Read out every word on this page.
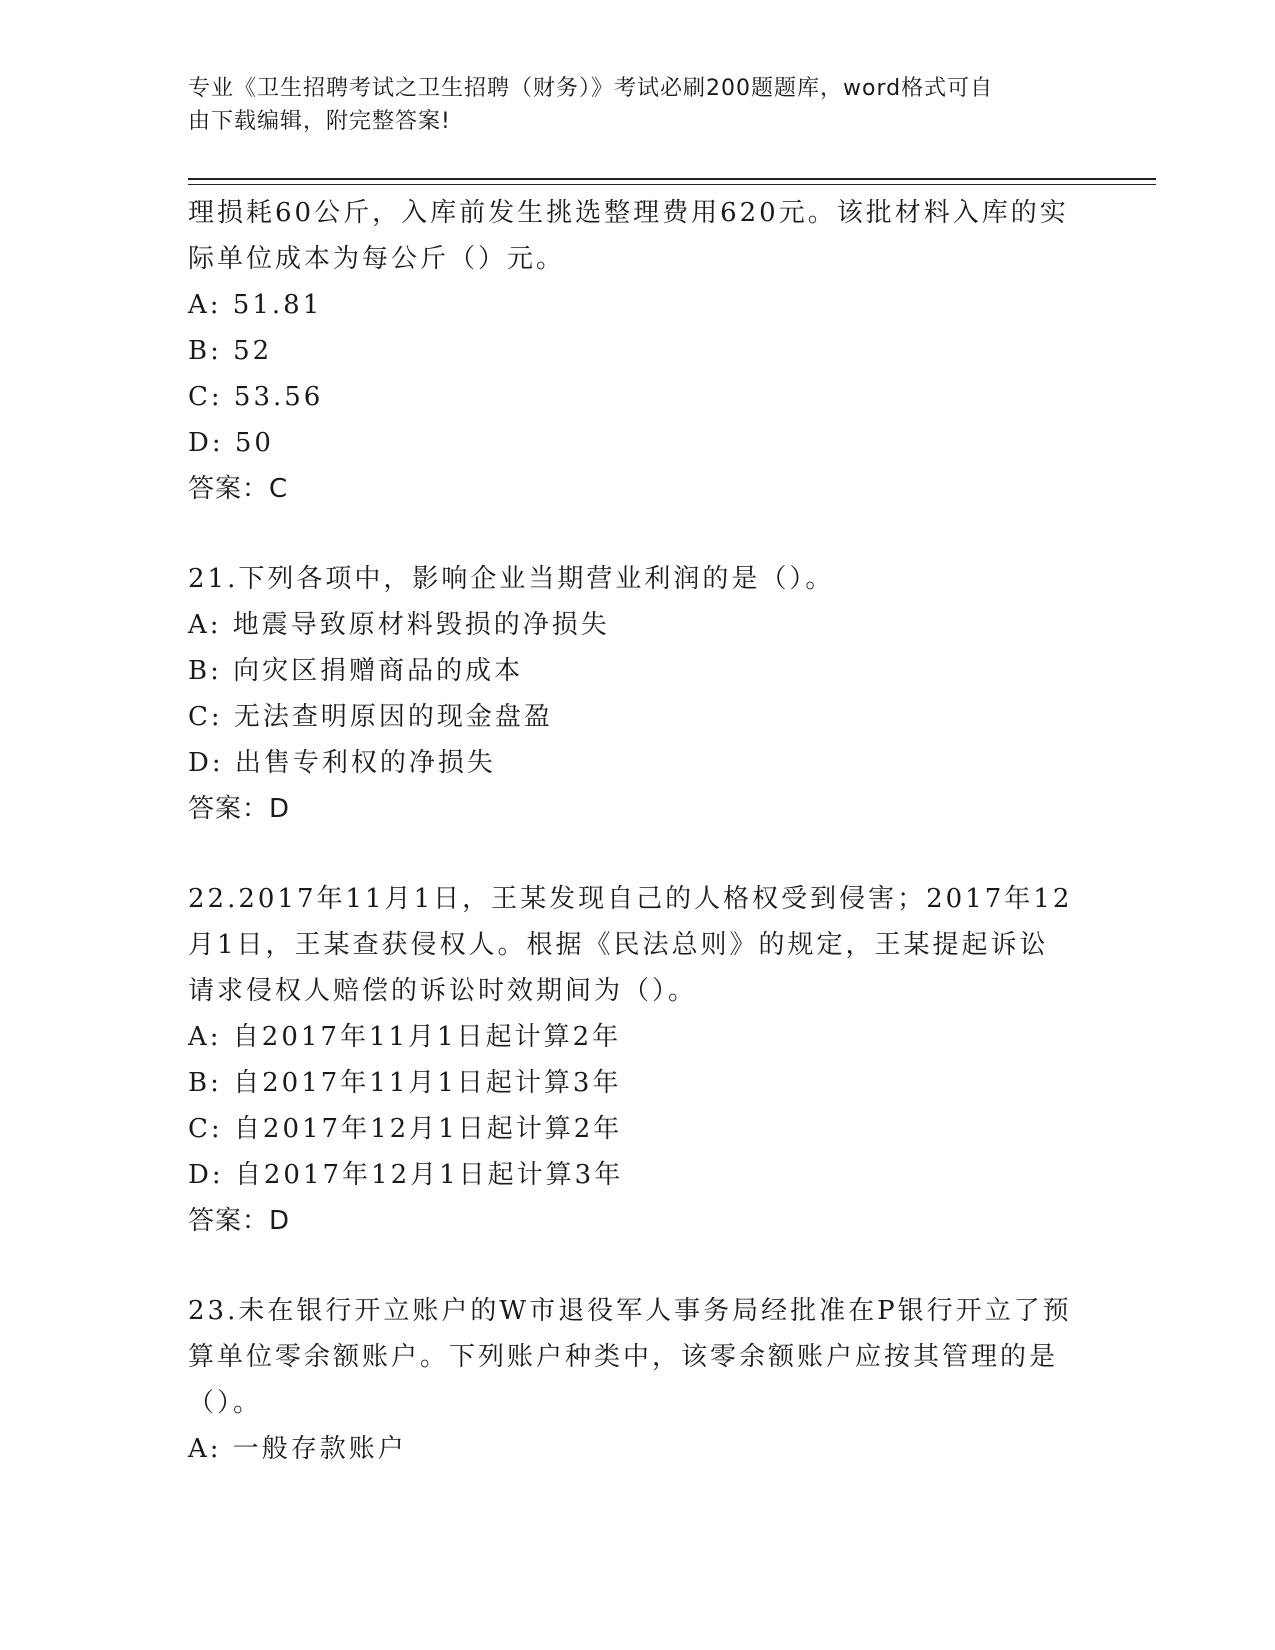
专业《卫生招聘考试之卫生招聘（财务）》考试必刷200题题库，word格式可自
由下载编辑，附完整答案!
理损耗60公斤，入库前发生挑选整理费用620元。该批材料入库的实
际单位成本为每公斤（）元。
A: 51.81
B: 52
C: 53.56
D: 50
答案：C
21.下列各项中，影响企业当期营业利润的是（）。
A: 地震导致原材料毁损的净损失
B: 向灾区捐赠商品的成本
C: 无法查明原因的现金盘盈
D: 出售专利权的净损失
答案：D
22.2017年11月1日，王某发现自己的人格权受到侵害；2017年12
月1日，王某查获侵权人。根据《民法总则》的规定，王某提起诉讼
请求侵权人赔偿的诉讼时效期间为（）。
A: 自2017年11月1日起计算2年
B: 自2017年11月1日起计算3年
C: 自2017年12月1日起计算2年
D: 自2017年12月1日起计算3年
答案：D
23.未在银行开立账户的W市退役军人事务局经批准在P银行开立了预
算单位零余额账户。下列账户种类中，该零余额账户应按其管理的是
（）。
A: 一般存款账户
